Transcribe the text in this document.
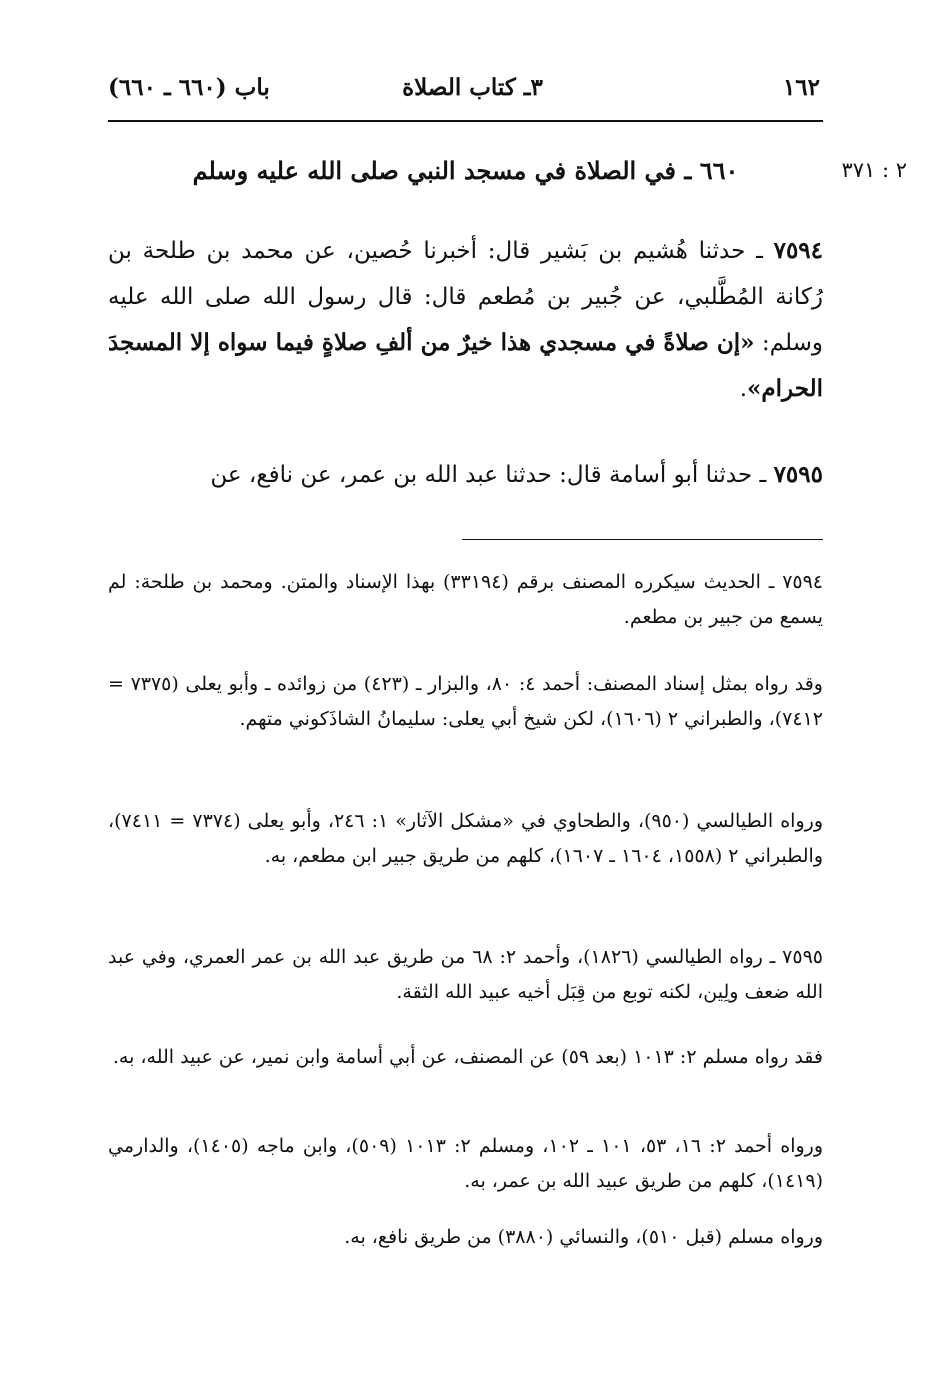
١٦٢
٣ـ كتاب الصلاة
باب (٦٦٠ ـ ٦٦٠)
٢ : ٣٧١
٦٦٠ ـ في الصلاة في مسجد النبي صلى الله عليه وسلم
٧٥٩٤ ـ حدثنا هُشيم بن بَشير قال: أخبرنا حُصين، عن محمد بن طلحة بن رُكانة المُطَّلبي، عن جُبير بن مُطعم قال: قال رسول الله صلى الله عليه وسلم: «إن صلاةً في مسجدي هذا خيرٌ من ألفِ صلاةٍ فيما سواه إلا المسجدَ الحرام».
٧٥٩٥ ـ حدثنا أبو أسامة قال: حدثنا عبد الله بن عمر، عن نافع، عن
٧٥٩٤ ـ الحديث سيكرره المصنف برقم (٣٣١٩٤) بهذا الإسناد والمتن. ومحمد بن طلحة: لم يسمع من جبير بن مطعم.
وقد رواه بمثل إسناد المصنف: أحمد ٤: ٨٠، والبزار ـ (٤٢٣) من زوائده ـ وأبو يعلى (٧٣٧٥ = ٧٤١٢)، والطبراني ٢ (١٦٠٦)، لكن شيخ أبي يعلى: سليمانُ الشاذَكوني متهم.
ورواه الطيالسي (٩٥٠)، والطحاوي في «مشكل الآثار» ١: ٢٤٦، وأبو يعلى (٧٣٧٤ = ٧٤١١)، والطبراني ٢ (١٥٥٨، ١٦٠٤ ـ ١٦٠٧)، كلهم من طريق جبير ابن مطعم، به.
٧٥٩٥ ـ رواه الطيالسي (١٨٢٦)، وأحمد ٢: ٦٨ من طريق عبد الله بن عمر العمري، وفي عبد الله ضعف ولِين، لكنه توبع من قِبَل أخيه عبيد الله الثقة.
فقد رواه مسلم ٢: ١٠١٣ (بعد ٥٩) عن المصنف، عن أبي أسامة وابن نمير، عن عبيد الله، به.
ورواه أحمد ٢: ١٦، ٥٣، ١٠١ ـ ١٠٢، ومسلم ٢: ١٠١٣ (٥٠٩)، وابن ماجه (١٤٠٥)، والدارمي (١٤١٩)، كلهم من طريق عبيد الله بن عمر، به.
ورواه مسلم (قبل ٥١٠)، والنسائي (٣٨٨٠) من طريق نافع، به.
